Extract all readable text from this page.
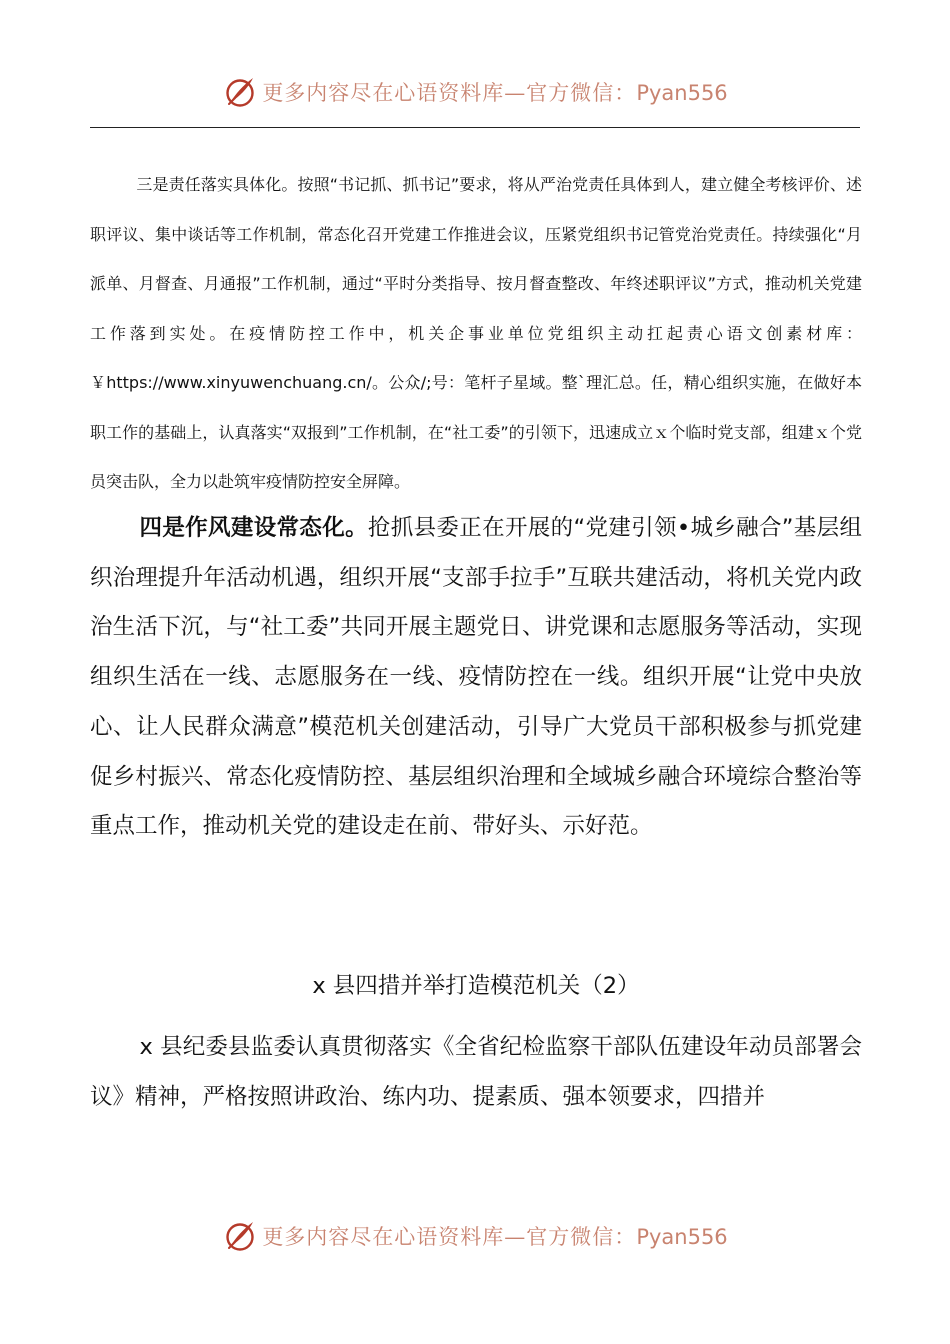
更多内容尽在心语资料库—官方微信：Pyan556

三是责任落实具体化。按照“书记抓、抓书记”要求，将从严治党责任具体到人，建立健全考核评价、述职评议、集中谈话等工作机制，常态化召开党建工作推进会议，压紧党组织书记管党治党责任。持续强化“月派单、月督查、月通报”工作机制，通过“平时分类指导、按月督查整改、年终述职评议”方式，推动机关党建工作落到实处。在疫情防控工作中，机关企事业单位党组织主动扛起责心语文创素材库：￥https://www.xinyuwenchuang.cn/。公众/;号：笔杆子星域。整`理汇总。任，精心组织实施，在做好本职工作的基础上，认真落实“双报到”工作机制，在“社工委”的引领下，迅速成立ｘ个临时党支部，组建ｘ个党员突击队，全力以赴筑牢疫情防控安全屏障。

四是作风建设常态化。抢抓县委正在开展的“党建引领•城乡融合”基层组织治理提升年活动机遇，组织开展“支部手拉手”互联共建活动，将机关党内政治生活下沉，与“社工委”共同开展主题党日、讲党课和志愿服务等活动，实现组织生活在一线、志愿服务在一线、疫情防控在一线。组织开展“让党中央放心、让人民群众满意”模范机关创建活动，引导广大党员干部积极参与抓党建促乡村振兴、常态化疫情防控、基层组织治理和全域城乡融合环境综合整治等重点工作，推动机关党的建设走在前、带好头、示好范。

x 县四措并举打造模范机关（2）

x 县纪委县监委认真贯彻落实《全省纪检监察干部队伍建设年动员部署会议》精神，严格按照讲政治、练内功、提素质、强本领要求，四措并

更多内容尽在心语资料库—官方微信：Pyan556
